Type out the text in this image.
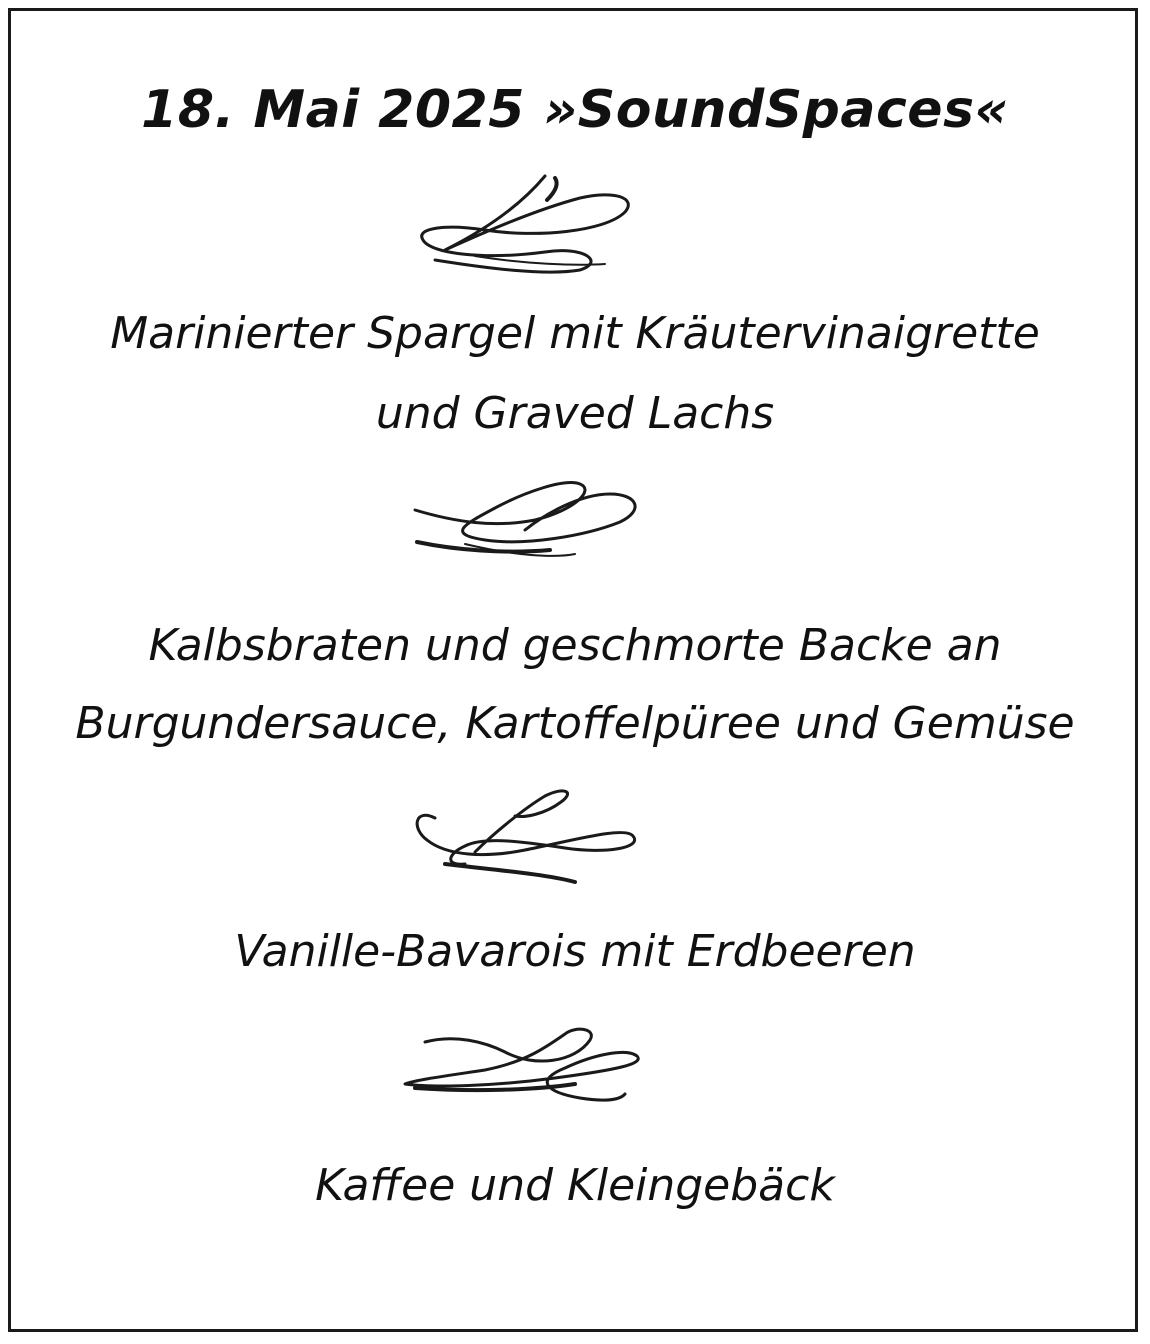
18. Mai 2025 »SoundSpaces«
Marinierter Spargel mit Kräutervinaigrette
und Graved Lachs
Kalbsbraten und geschmorte Backe an
Burgundersauce, Kartoffelpüree und Gemüse
Vanille-Bavarois mit Erdbeeren
Kaffee und Kleingebäck
